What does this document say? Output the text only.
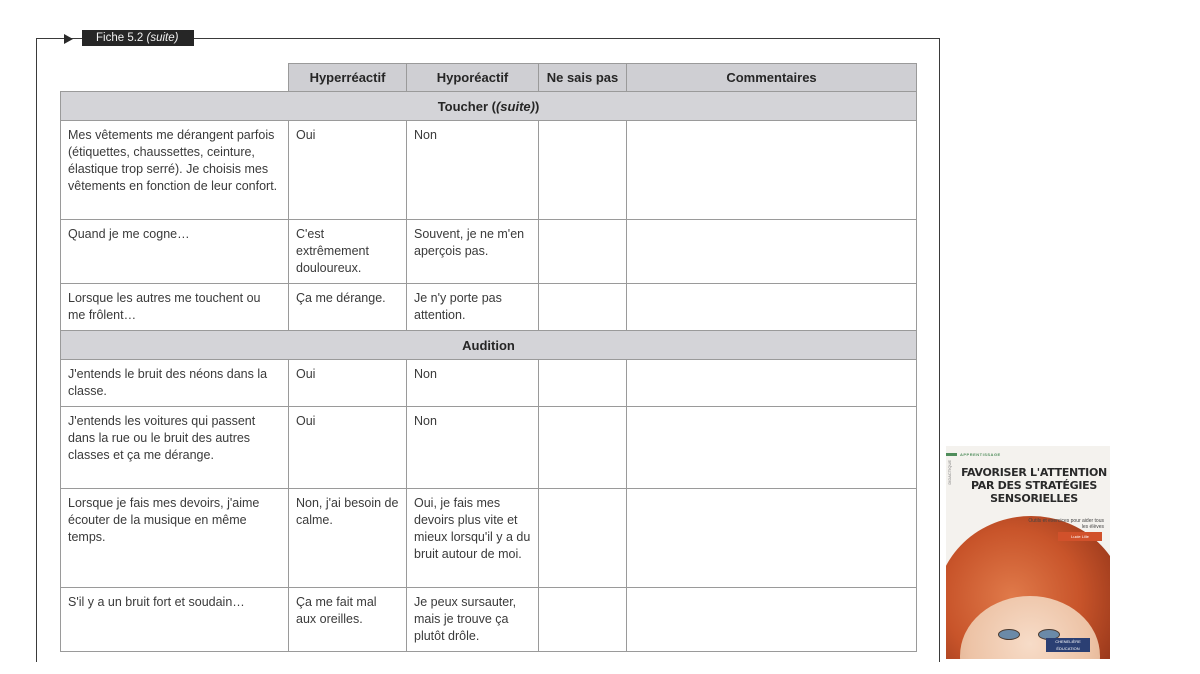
Fiche 5.2 (suite)
	Hyperréactif	Hyporéactif	Ne sais pas	Commentaires
Toucher ((suite))				
Mes vêtements me dérangent parfois (étiquettes, chaussettes, ceinture, élastique trop serré). Je choisis mes vêtements en fonction de leur confort.	Oui	Non		
Quand je me cogne…	C'est extrêmement douloureux.	Souvent, je ne m'en aperçois pas.		
Lorsque les autres me touchent ou me frôlent…	Ça me dérange.	Je n'y porte pas attention.		
Audition				
J'entends le bruit des néons dans la classe.	Oui	Non		
J'entends les voitures qui passent dans la rue ou le bruit des autres classes et ça me dérange.	Oui	Non		
Lorsque je fais mes devoirs, j'aime écouter de la musique en même temps.	Non, j'ai besoin de calme.	Oui, je fais mes devoirs plus vite et mieux lorsqu'il y a du bruit autour de moi.		
S'il y a un bruit fort et soudain…	Ça me fait mal aux oreilles.	Je peux sursauter, mais je trouve ça plutôt drôle.		
APPRENTISSAGE
DIDACTIQUE FAVORISER L'ATTENTION PAR DES STRATÉGIES SENSORIELLES
Outils et exercices pour aider tous les élèves
Lucie Lille
CHENELIÈRE ÉDUCATION
